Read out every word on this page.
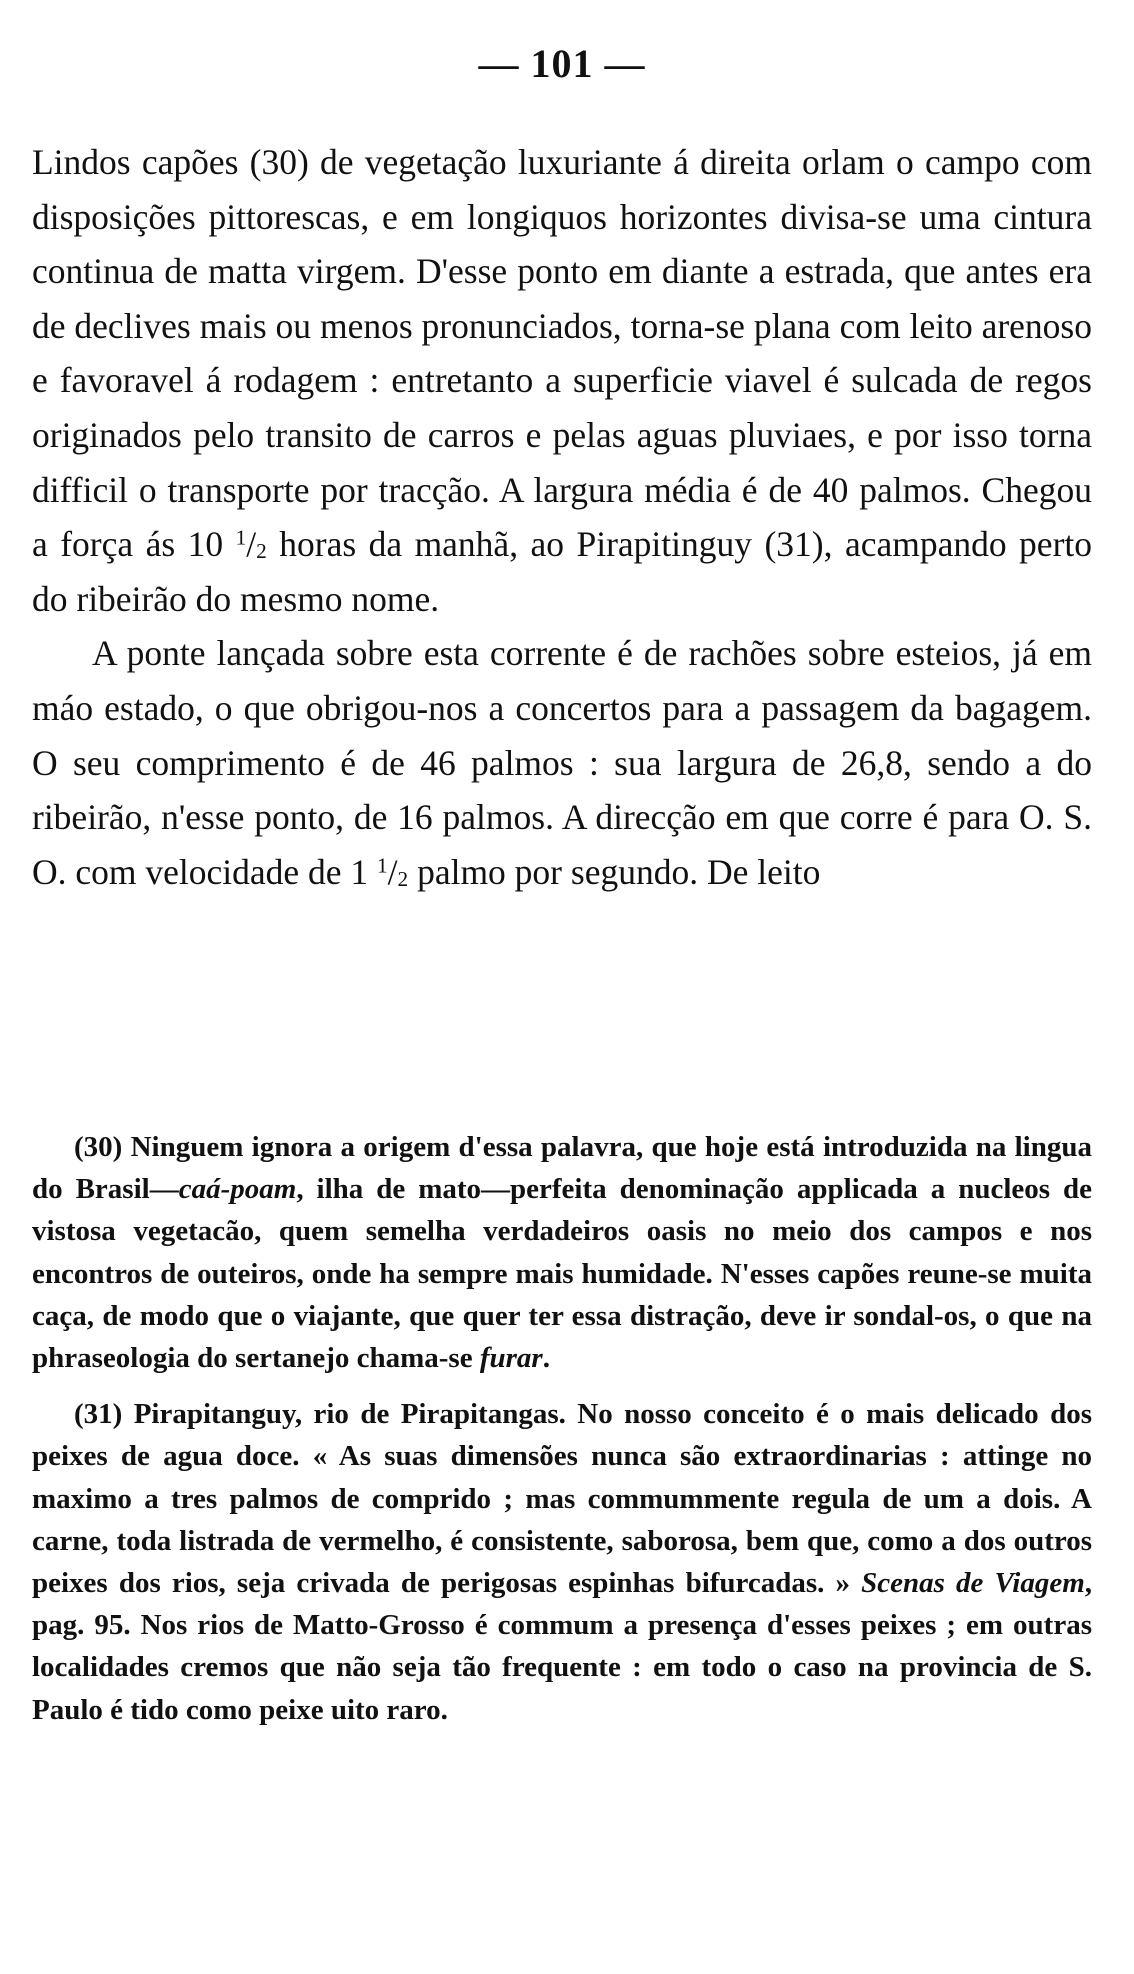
— 101 —

Lindos capões (30) de vegetação luxuriante á direita orlam o campo com disposições pittorescas, e em longiquos horizontes divisa-se uma cintura continua de matta virgem. D'esse ponto em diante a estrada, que antes era de declives mais ou menos pronunciados, torna-se plana com leito arenoso e favoravel á rodagem : entretanto a superficie viavel é sulcada de regos originados pelo transito de carros e pelas aguas pluviaes, e por isso torna difficil o transporte por tracção. A largura média é de 40 palmos. Chegou a força ás 10 $^1/_2$ horas da manhã, ao Pirapitinguy (31), acampando perto do ribeirão do mesmo nome.

A ponte lançada sobre esta corrente é de rachões sobre esteios, já em máo estado, o que obrigou-nos a concertos para a passagem da bagagem. O seu comprimento é de 46 palmos : sua largura de 26,8, sendo a do ribeirão, n'esse ponto, de 16 palmos. A direcção em que corre é para O. S. O. com velocidade de 1 $^1/_2$ palmo por segundo. De leito

(30) Ninguem ignora a origem d'essa palavra, que hoje está introduzida na lingua do Brasil—caá-poam, ilha de mato—perfeita denominação applicada a nucleos de vistosa vegetacão, quem semelha verdadeiros oasis no meio dos campos e nos encontros de outeiros, onde ha sempre mais humidade. N'esses capões reune-se muita caça, de modo que o viajante, que quer ter essa distração, deve ir sondal-os, o que na phraseologia do sertanejo chama-se furar.

(31) Pirapitanguy, rio de Pirapitangas. No nosso conceito é o mais delicado dos peixes de agua doce. « As suas dimensões nunca são extraordinarias : attinge no maximo a tres palmos de comprido ; mas commummente regula de um a dois. A carne, toda listrada de vermelho, é consistente, saborosa, bem que, como a dos outros peixes dos rios, seja crivada de perigosas espinhas bifurcadas. » Scenas de Viagem, pag. 95. Nos rios de Matto-Grosso é commum a presença d'esses peixes ; em outras localidades cremos que não seja tão frequente : em todo o caso na provincia de S. Paulo é tido como peixe uito raro.
